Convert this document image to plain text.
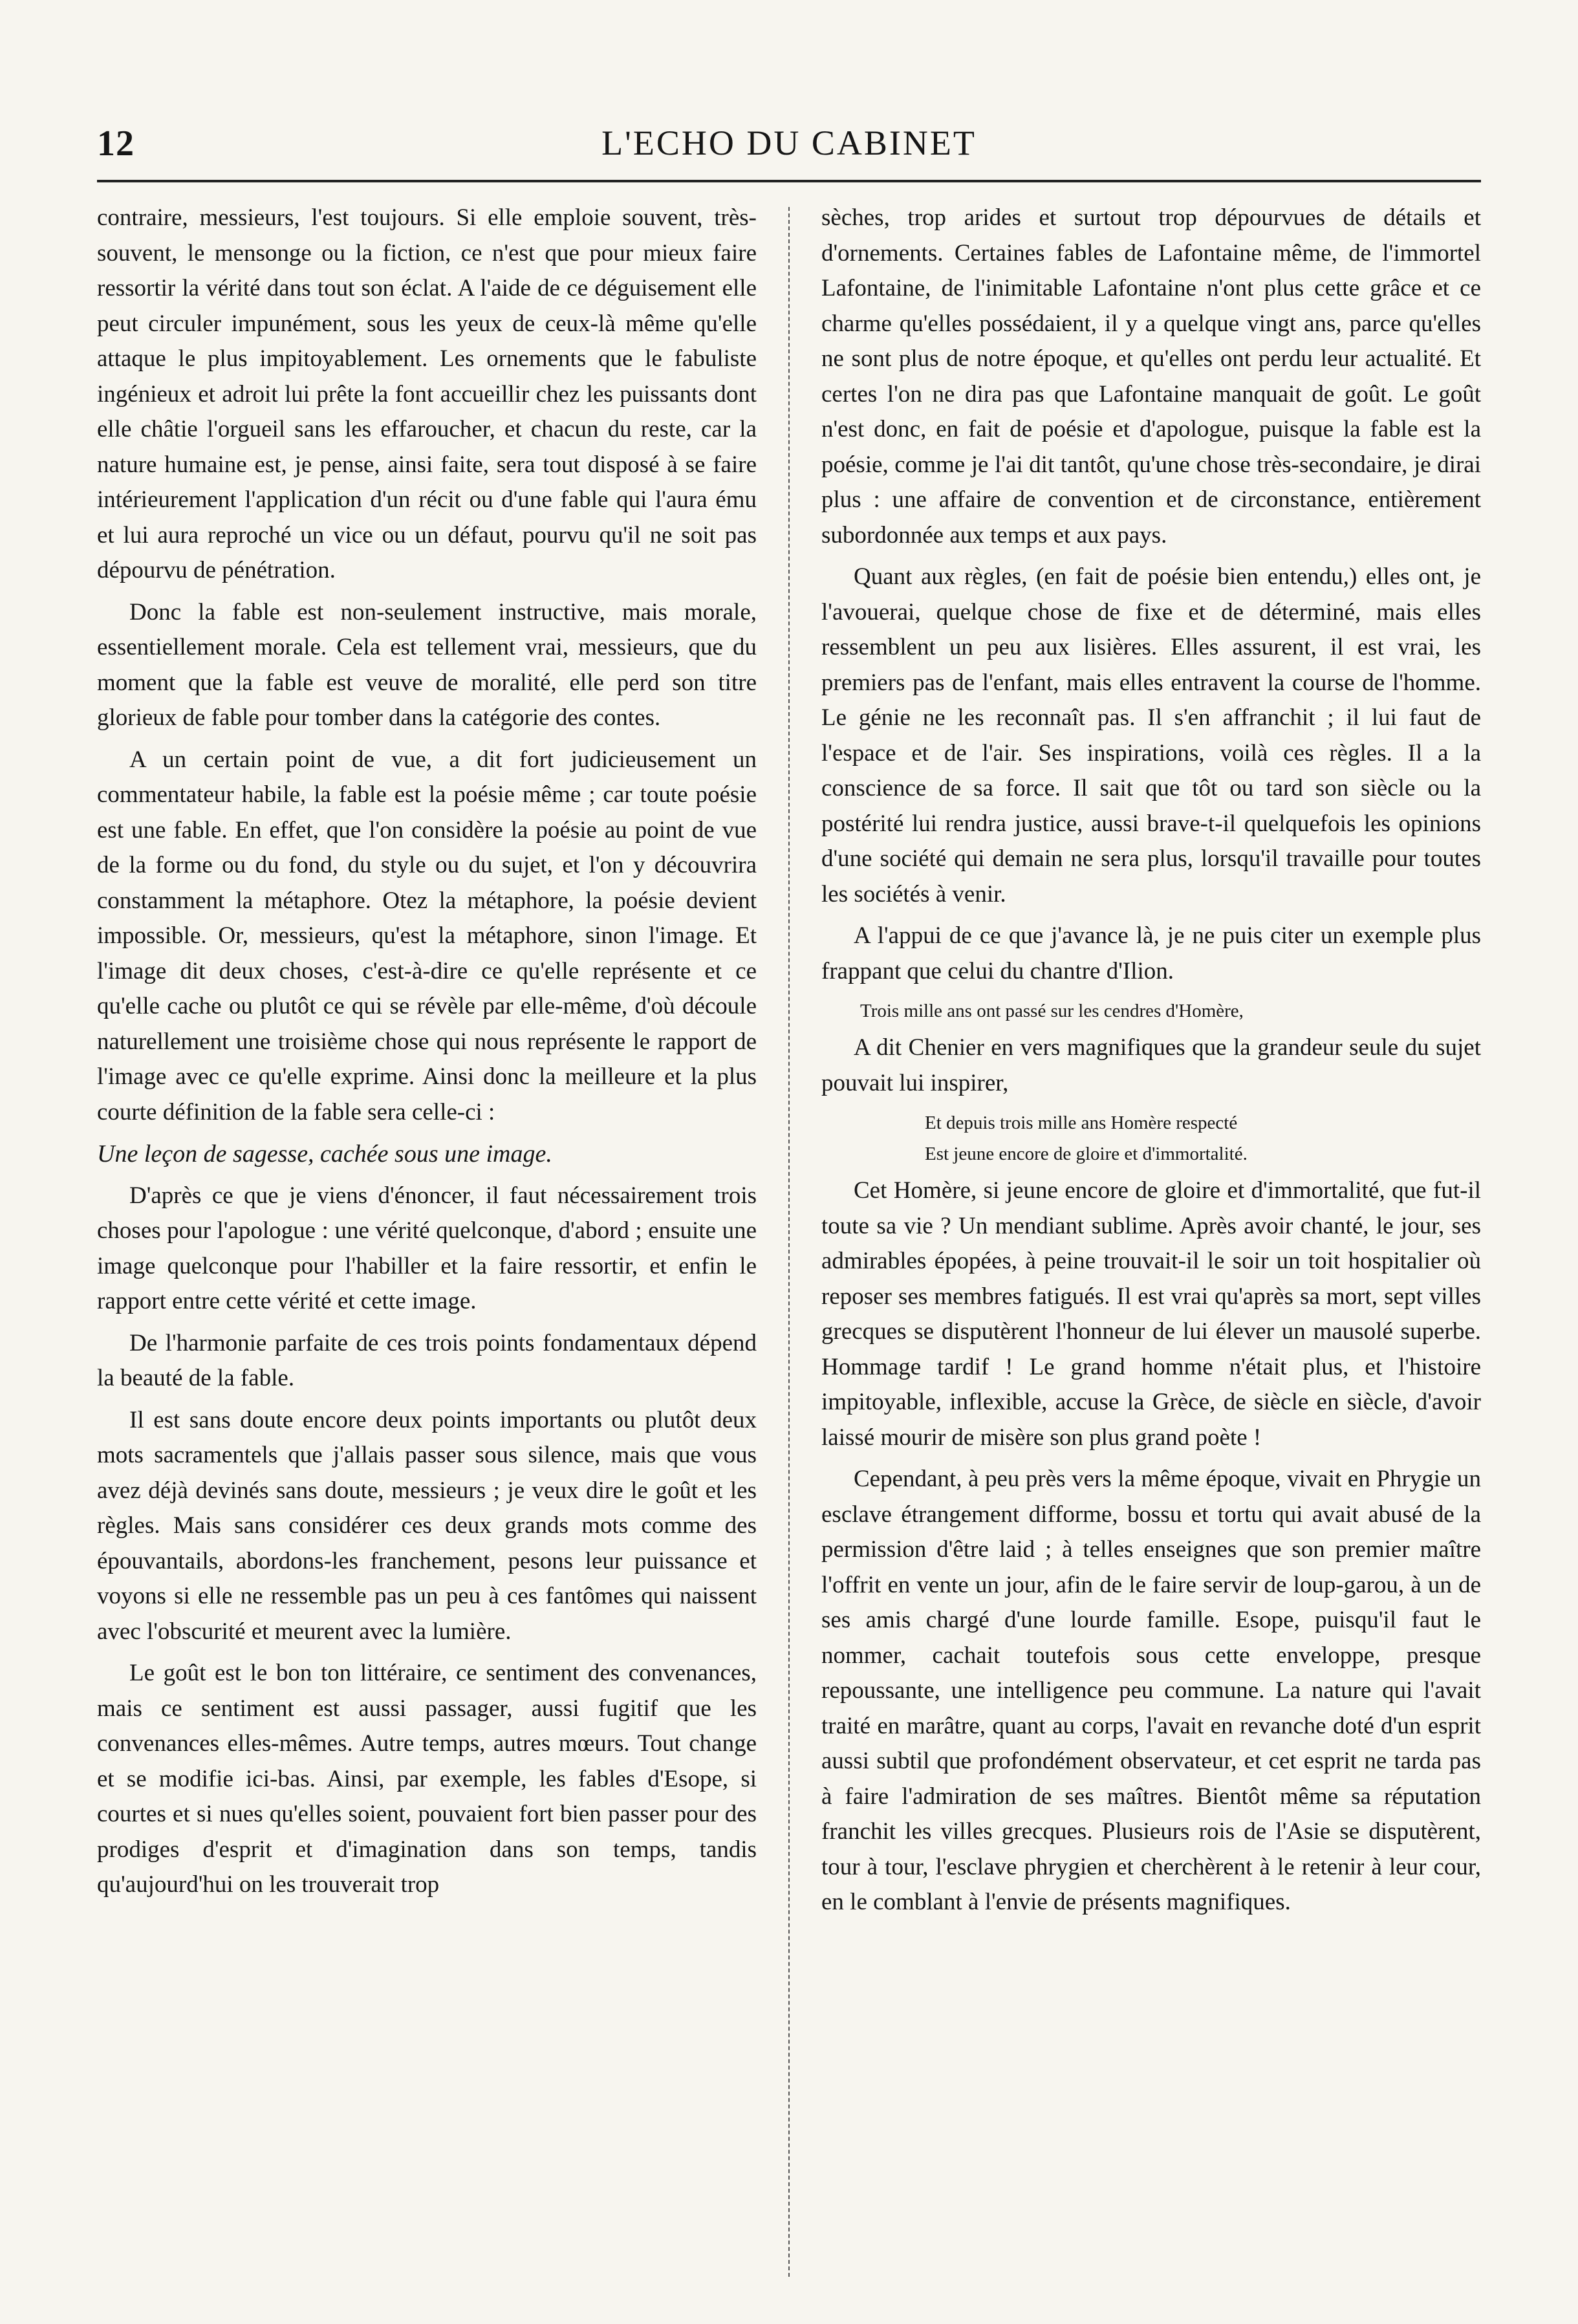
12	L'ECHO DU CABINET

contraire, messieurs, l'est toujours. Si elle emploie souvent, très-souvent, le mensonge ou la fiction, ce n'est que pour mieux faire ressortir la vérité dans tout son éclat. A l'aide de ce déguisement elle peut circuler impunément, sous les yeux de ceux-là même qu'elle attaque le plus impitoyablement. Les ornements que le fabuliste ingénieux et adroit lui prête la font accueillir chez les puissants dont elle châtie l'orgueil sans les effaroucher, et chacun du reste, car la nature humaine est, je pense, ainsi faite, sera tout disposé à se faire intérieurement l'application d'un récit ou d'une fable qui l'aura ému et lui aura reproché un vice ou un défaut, pourvu qu'il ne soit pas dépourvu de pénétration.

Donc la fable est non-seulement instructive, mais morale, essentiellement morale. Cela est tellement vrai, messieurs, que du moment que la fable est veuve de moralité, elle perd son titre glorieux de fable pour tomber dans la catégorie des contes.

A un certain point de vue, a dit fort judicieusement un commentateur habile, la fable est la poésie même ; car toute poésie est une fable. En effet, que l'on considère la poésie au point de vue de la forme ou du fond, du style ou du sujet, et l'on y découvrira constamment la métaphore. Otez la métaphore, la poésie devient impossible. Or, messieurs, qu'est la métaphore, sinon l'image. Et l'image dit deux choses, c'est-à-dire ce qu'elle représente et ce qu'elle cache ou plutôt ce qui se révèle par elle-même, d'où découle naturellement une troisième chose qui nous représente le rapport de l'image avec ce qu'elle exprime. Ainsi donc la meilleure et la plus courte définition de la fable sera celle-ci :

Une leçon de sagesse, cachée sous une image.

D'après ce que je viens d'énoncer, il faut nécessairement trois choses pour l'apologue : une vérité quelconque, d'abord ; ensuite une image quelconque pour l'habiller et la faire ressortir, et enfin le rapport entre cette vérité et cette image.

De l'harmonie parfaite de ces trois points fondamentaux dépend la beauté de la fable.

Il est sans doute encore deux points importants ou plutôt deux mots sacramentels que j'allais passer sous silence, mais que vous avez déjà devinés sans doute, messieurs ; je veux dire le goût et les règles. Mais sans considérer ces deux grands mots comme des épouvantails, abordons-les franchement, pesons leur puissance et voyons si elle ne ressemble pas un peu à ces fantômes qui naissent avec l'obscurité et meurent avec la lumière.

Le goût est le bon ton littéraire, ce sentiment des convenances, mais ce sentiment est aussi passager, aussi fugitif que les convenances elles-mêmes. Autre temps, autres mœurs. Tout change et se modifie ici-bas. Ainsi, par exemple, les fables d'Esope, si courtes et si nues qu'elles soient, pouvaient fort bien passer pour des prodiges d'esprit et d'imagination dans son temps, tandis qu'aujourd'hui on les trouverait trop

sèches, trop arides et surtout trop dépourvues de détails et d'ornements. Certaines fables de Lafontaine même, de l'immortel Lafontaine, de l'inimitable Lafontaine n'ont plus cette grâce et ce charme qu'elles possédaient, il y a quelque vingt ans, parce qu'elles ne sont plus de notre époque, et qu'elles ont perdu leur actualité. Et certes l'on ne dira pas que Lafontaine manquait de goût. Le goût n'est donc, en fait de poésie et d'apologue, puisque la fable est la poésie, comme je l'ai dit tantôt, qu'une chose très-secondaire, je dirai plus : une affaire de convention et de circonstance, entièrement subordonnée aux temps et aux pays.

Quant aux règles, (en fait de poésie bien entendu,) elles ont, je l'avouerai, quelque chose de fixe et de déterminé, mais elles ressemblent un peu aux lisières. Elles assurent, il est vrai, les premiers pas de l'enfant, mais elles entravent la course de l'homme. Le génie ne les reconnaît pas. Il s'en affranchit ; il lui faut de l'espace et de l'air. Ses inspirations, voilà ces règles. Il a la conscience de sa force. Il sait que tôt ou tard son siècle ou la postérité lui rendra justice, aussi brave-t-il quelquefois les opinions d'une société qui demain ne sera plus, lorsqu'il travaille pour toutes les sociétés à venir.

A l'appui de ce que j'avance là, je ne puis citer un exemple plus frappant que celui du chantre d'Ilion.

Trois mille ans ont passé sur les cendres d'Homère,

A dit Chenier en vers magnifiques que la grandeur seule du sujet pouvait lui inspirer,

Et depuis trois mille ans Homère respecté
Est jeune encore de gloire et d'immortalité.

Cet Homère, si jeune encore de gloire et d'immortalité, que fut-il toute sa vie ? Un mendiant sublime. Après avoir chanté, le jour, ses admirables épopées, à peine trouvait-il le soir un toit hospitalier où reposer ses membres fatigués. Il est vrai qu'après sa mort, sept villes grecques se disputèrent l'honneur de lui élever un mausolé superbe. Hommage tardif ! Le grand homme n'était plus, et l'histoire impitoyable, inflexible, accuse la Grèce, de siècle en siècle, d'avoir laissé mourir de misère son plus grand poète !

Cependant, à peu près vers la même époque, vivait en Phrygie un esclave étrangement difforme, bossu et tortu qui avait abusé de la permission d'être laid ; à telles enseignes que son premier maître l'offrit en vente un jour, afin de le faire servir de loup-garou, à un de ses amis chargé d'une lourde famille. Esope, puisqu'il faut le nommer, cachait toutefois sous cette enveloppe, presque repoussante, une intelligence peu commune. La nature qui l'avait traité en marâtre, quant au corps, l'avait en revanche doté d'un esprit aussi subtil que profondément observateur, et cet esprit ne tarda pas à faire l'admiration de ses maîtres. Bientôt même sa réputation franchit les villes grecques. Plusieurs rois de l'Asie se disputèrent, tour à tour, l'esclave phrygien et cherchèrent à le retenir à leur cour, en le comblant à l'envie de présents magnifiques.
